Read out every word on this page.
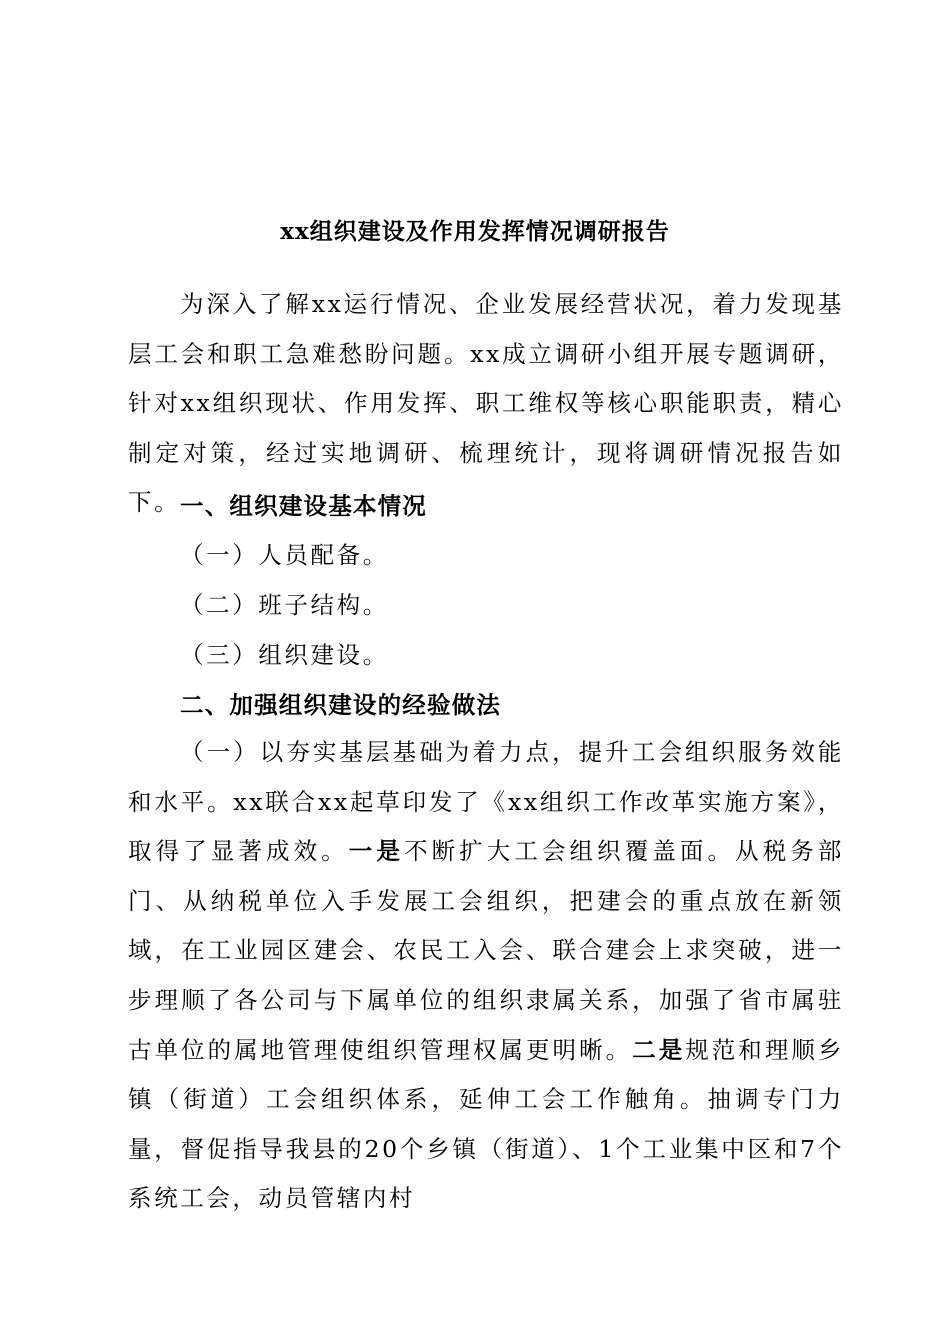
xx组织建设及作用发挥情况调研报告

为深入了解xx运行情况、企业发展经营状况，着力发现基层工会和职工急难愁盼问题。xx成立调研小组开展专题调研，针对xx组织现状、作用发挥、职工维权等核心职能职责，精心制定对策，经过实地调研、梳理统计，现将调研情况报告如下。 一、组织建设基本情况

（一）人员配备。

（二）班子结构。

（三）组织建设。

二、加强组织建设的经验做法

（一）以夯实基层基础为着力点，提升工会组织服务效能和水平。xx联合xx起草印发了《xx组织工作改革实施方案》，取得了显著成效。一是不断扩大工会组织覆盖面。从税务部门、从纳税单位入手发展工会组织，把建会的重点放在新领域，在工业园区建会、农民工入会、联合建会上求突破，进一步理顺了各公司与下属单位的组织隶属关系，加强了省市属驻古单位的属地管理使组织管理权属更明晰。二是规范和理顺乡镇（街道）工会组织体系，延伸工会工作触角。抽调专门力量，督促指导我县的20个乡镇（街道）、1个工业集中区和7个系统工会，动员管辖内村
